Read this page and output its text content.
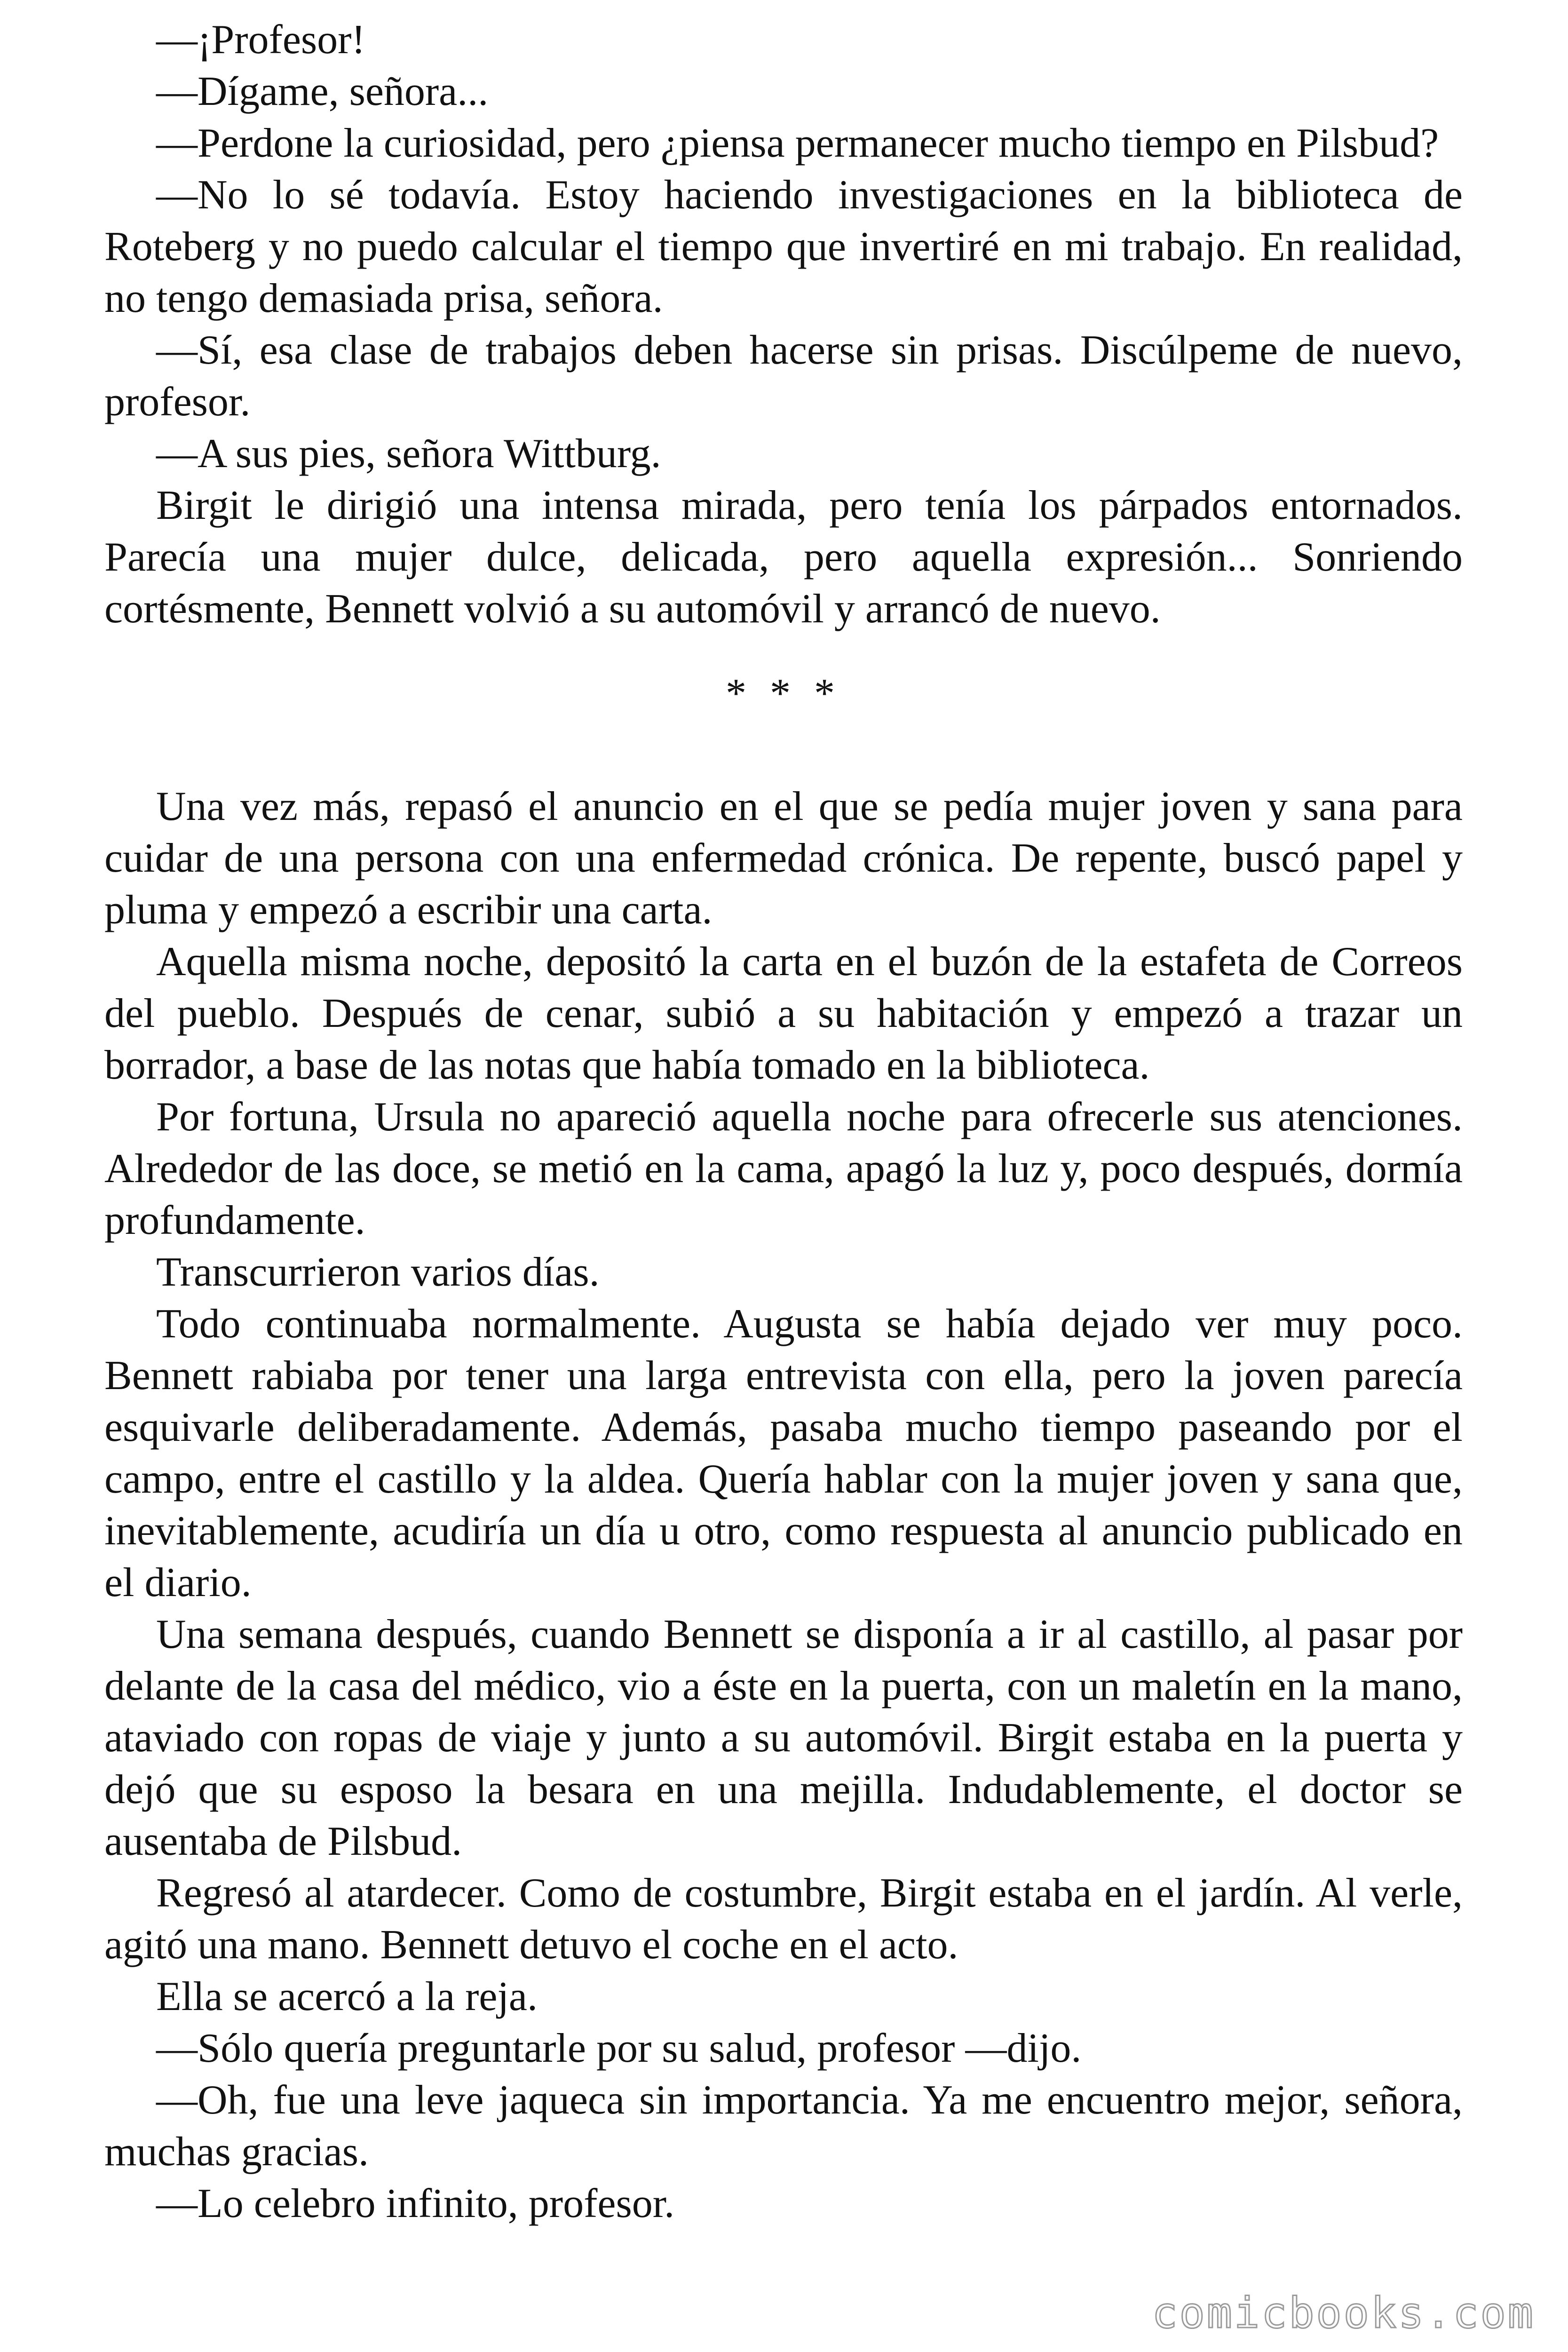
—¡Profesor!

—Dígame, señora...

—Perdone la curiosidad, pero ¿piensa permanecer mucho tiempo en Pilsbud?

—No lo sé todavía. Estoy haciendo investigaciones en la biblioteca de Roteberg y no puedo calcular el tiempo que invertiré en mi trabajo. En realidad, no tengo demasiada prisa, señora.

—Sí, esa clase de trabajos deben hacerse sin prisas. Discúlpeme de nuevo, profesor.

—A sus pies, señora Wittburg.

Birgit le dirigió una intensa mirada, pero tenía los párpados entornados. Parecía una mujer dulce, delicada, pero aquella expresión... Sonriendo cortésmente, Bennett volvió a su automóvil y arrancó de nuevo.

* * *

Una vez más, repasó el anuncio en el que se pedía mujer joven y sana para cuidar de una persona con una enfermedad crónica. De repente, buscó papel y pluma y empezó a escribir una carta.

Aquella misma noche, depositó la carta en el buzón de la estafeta de Correos del pueblo. Después de cenar, subió a su habitación y empezó a trazar un borrador, a base de las notas que había tomado en la biblioteca.

Por fortuna, Ursula no apareció aquella noche para ofrecerle sus atenciones. Alrededor de las doce, se metió en la cama, apagó la luz y, poco después, dormía profundamente.

Transcurrieron varios días.

Todo continuaba normalmente. Augusta se había dejado ver muy poco. Bennett rabiaba por tener una larga entrevista con ella, pero la joven parecía esquivarle deliberadamente. Además, pasaba mucho tiempo paseando por el campo, entre el castillo y la aldea. Quería hablar con la mujer joven y sana que, inevitablemente, acudiría un día u otro, como respuesta al anuncio publicado en el diario.

Una semana después, cuando Bennett se disponía a ir al castillo, al pasar por delante de la casa del médico, vio a éste en la puerta, con un maletín en la mano, ataviado con ropas de viaje y junto a su automóvil. Birgit estaba en la puerta y dejó que su esposo la besara en una mejilla. Indudablemente, el doctor se ausentaba de Pilsbud.

Regresó al atardecer. Como de costumbre, Birgit estaba en el jardín. Al verle, agitó una mano. Bennett detuvo el coche en el acto.

Ella se acercó a la reja.

—Sólo quería preguntarle por su salud, profesor —dijo.

—Oh, fue una leve jaqueca sin importancia. Ya me encuentro mejor, señora, muchas gracias.

—Lo celebro infinito, profesor.

comicbooks.com
